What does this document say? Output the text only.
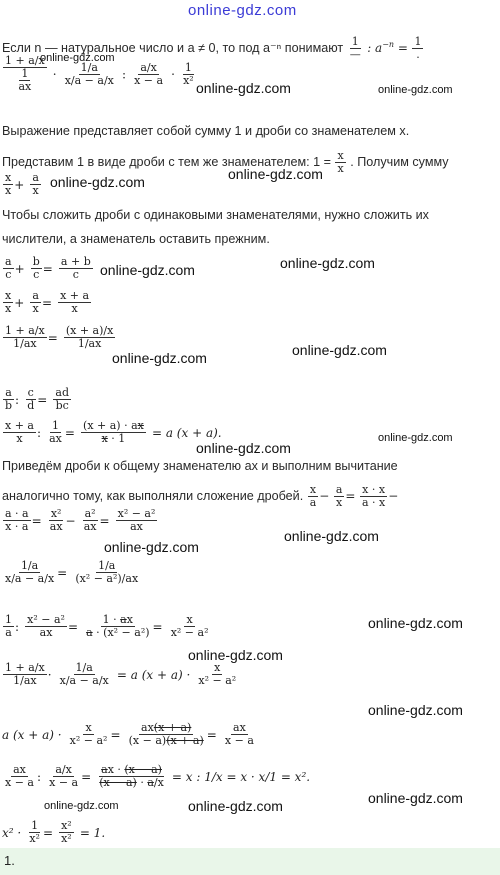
online-gdz.com
Если n — натуральное число и a ≠ 0, то под a⁻ⁿ понимают $\frac{1}{—}$ : $a^{-n} = \frac{1}{.}$
$\frac{1 + a/x}{\frac{1}{ax}} \cdot \frac{1/a}{x/a - a/x}$ : $\frac{a/x}{x - a} \cdot \frac{1}{\text{x²}}$
online-gdz.com
online-gdz.com	online-gdz.com
Выражение представляет собой сумму 1 и дроби со знаменателем x.
Представим 1 в виде дроби с тем же знаменателем: $1 = \frac{x}{x}$ . Получим сумму
online-gdz.com
$\frac{x}{x} + \frac{a}{x}$ online-gdz.com
Чтобы сложить дроби с одинаковыми знаменателями, нужно сложить их
числители, а знаменатель оставить прежним.
$\frac{a}{c} + \frac{b}{c} = \frac{a + b}{c}$ online-gdz.com	online-gdz.com
$\frac{x}{x} + \frac{a}{x} = \frac{x + a}{x}$
$\frac{1 + a/x}{1/ax} = \frac{(x + a)/x}{1/ax}$
online-gdz.com	online-gdz.com
$\frac{a}{b}$ : $\frac{c}{d} = \frac{ad}{bc}$
$\frac{x + a}{x}$ : $\frac{1}{ax} = \frac{(x + a) \cdot ax}{x \cdot 1} = a$ (x + a).
online-gdz.com
online-gdz.com
Приведём дроби к общему знаменателю ax и выполним вычитание
аналогично тому, как выполняли сложение дробей. $\frac{x}{a} - \frac{a}{x} = \frac{x \cdot x}{a \cdot x}$ −
$\frac{a \cdot a}{x \cdot a} = \frac{\text{x²}}{ax} - \frac{\text{a²}}{ax} = \frac{\text{x² − a²}}{ax}$
online-gdz.com
online-gdz.com
$\frac{1/a}{x/a - a/x} = \frac{1/a}{\text{(x² − a²)/ax}}$
$\frac{1}{a}$ : $\frac{\text{x² − a²}}{ax} = \frac{1 \cdot ax}{\text{a · (x² − a²)}} = \frac{x}{\text{x² − a²}}$	online-gdz.com
online-gdz.com
$\frac{1 + a/x}{1/ax} \cdot \frac{1/a}{x/a - a/x} = a$ $(x + a) \cdot \frac{x}{\text{x² − a²}}$
online-gdz.com
a $(x + a) \cdot \frac{x}{\text{x² − a²}} = \frac{ax(x + a)}{(x - a)(x + a)} = \frac{ax}{x - a}$
$\frac{ax}{x - a}$ : $\frac{a/x}{x - a} = \frac{ax \cdot (x - a)}{(x - a) \cdot a/x} = x$ : 1/x = x · x/1 = x².
online-gdz.com
online-gdz.com	online-gdz.com
$x^2 \cdot \frac{1}{\text{x²}} = \frac{\text{x²}}{\text{x²}} = 1$.
1.
